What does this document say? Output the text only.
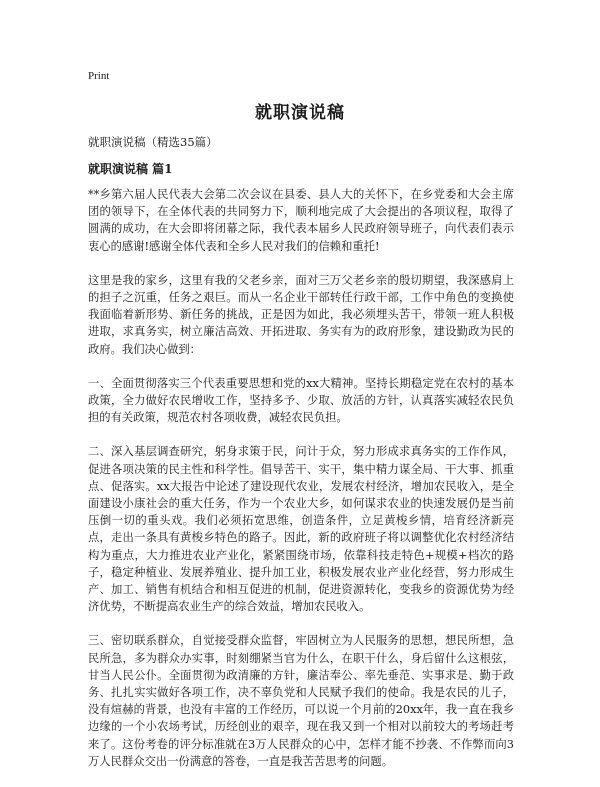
Print
就职演说稿
就职演说稿（精选35篇）
就职演说稿 篇1

**乡第六届人民代表大会第二次会议在县委、县人大的关怀下，在乡党委和大会主席团的领导下，在全体代表的共同努力下，顺利地完成了大会提出的各项议程，取得了圆满的成功，在大会即将闭幕之际，我代表本届乡人民政府领导班子，向代表们表示衷心的感谢!感谢全体代表和全乡人民对我们的信赖和重托!

这里是我的家乡，这里有我的父老乡亲，面对三万父老乡亲的殷切期望，我深感肩上的担子之沉重，任务之艰巨。而从一名企业干部转任行政干部，工作中角色的变换使我面临着新形势、新任务的挑战，正是因为如此，我必须埋头苦干，带领一班人积极进取，求真务实，树立廉洁高效、开拓进取、务实有为的政府形象，建设勤政为民的政府。我们决心做到：

一、全面贯彻落实三个代表重要思想和党的xx大精神。坚持长期稳定党在农村的基本政策，全力做好农民增收工作，坚持多予、少取、放活的方针，认真落实减轻农民负担的有关政策，规范农村各项收费，减轻农民负担。

二、深入基层调查研究，躬身求策于民，问计于众，努力形成求真务实的工作作风，促进各项决策的民主性和科学性。倡导苦干、实干，集中精力谋全局、干大事、抓重点、促落实。xx大报告中论述了建设现代农业，发展农村经济，增加农民收入，是全面建设小康社会的重大任务，作为一个农业大乡，如何谋求农业的快速发展仍是当前压倒一切的重头戏。我们必须拓宽思维，创造条件，立足黄梭乡情，培育经济新亮点，走出一条具有黄梭乡特色的路子。因此，新的政府班子将以调整优化农村经济结构为重点，大力推进农业产业化，紧紧围绕市场，依靠科技走特色+规模+档次的路子，稳定种植业、发展养殖业、提升加工业，积极发展农业产业化经营，努力形成生产、加工、销售有机结合和相互促进的机制，促进资源转化，变我乡的资源优势为经济优势，不断提高农业生产的综合效益，增加农民收入。

三、密切联系群众，自觉接受群众监督，牢固树立为人民服务的思想，想民所想，急民所急，多为群众办实事，时刻绷紧当官为什么，在职干什么，身后留什么这根弦，甘当人民公仆。全面贯彻为政清廉的方针，廉洁奉公、率先垂范、实事求是、勤于政务、扎扎实实做好各项工作，决不辜负党和人民赋予我们的使命。我是农民的儿子，没有煊赫的背景，也没有丰富的工作经历，可以说一个月前的20xx年，我一直在我乡边缘的一个小农场考试，历经创业的艰辛，现在我又到一个相对以前较大的考场赶考来了。这份考卷的评分标准就在3万人民群众的心中，怎样才能不抄袭、不作弊而向3万人民群众交出一份满意的答卷，一直是我苦苦思考的问题。
